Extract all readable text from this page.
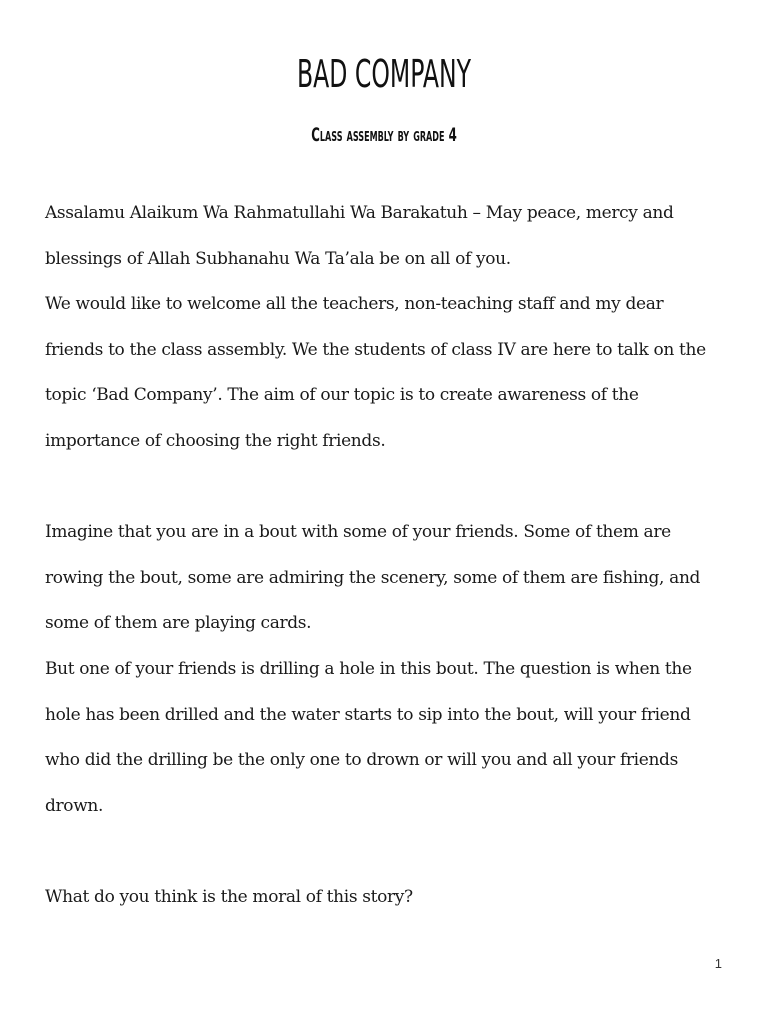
BAD COMPANY
Class assembly by grade 4

Assalamu Alaikum Wa Rahmatullahi Wa Barakatuh – May peace, mercy and blessings of Allah Subhanahu Wa Ta’ala be on all of you.

We would like to welcome all the teachers, non-teaching staff and my dear friends to the class assembly. We the students of class IV are here to talk on the topic ‘Bad Company’. The aim of our topic is to create awareness of the importance of choosing the right friends.

Imagine that you are in a bout with some of your friends. Some of them are rowing the bout, some are admiring the scenery, some of them are fishing, and some of them are playing cards.

But one of your friends is drilling a hole in this bout. The question is when the hole has been drilled and the water starts to sip into the bout, will your friend who did the drilling be the only one to drown or will you and all your friends drown.

What do you think is the moral of this story?

1
